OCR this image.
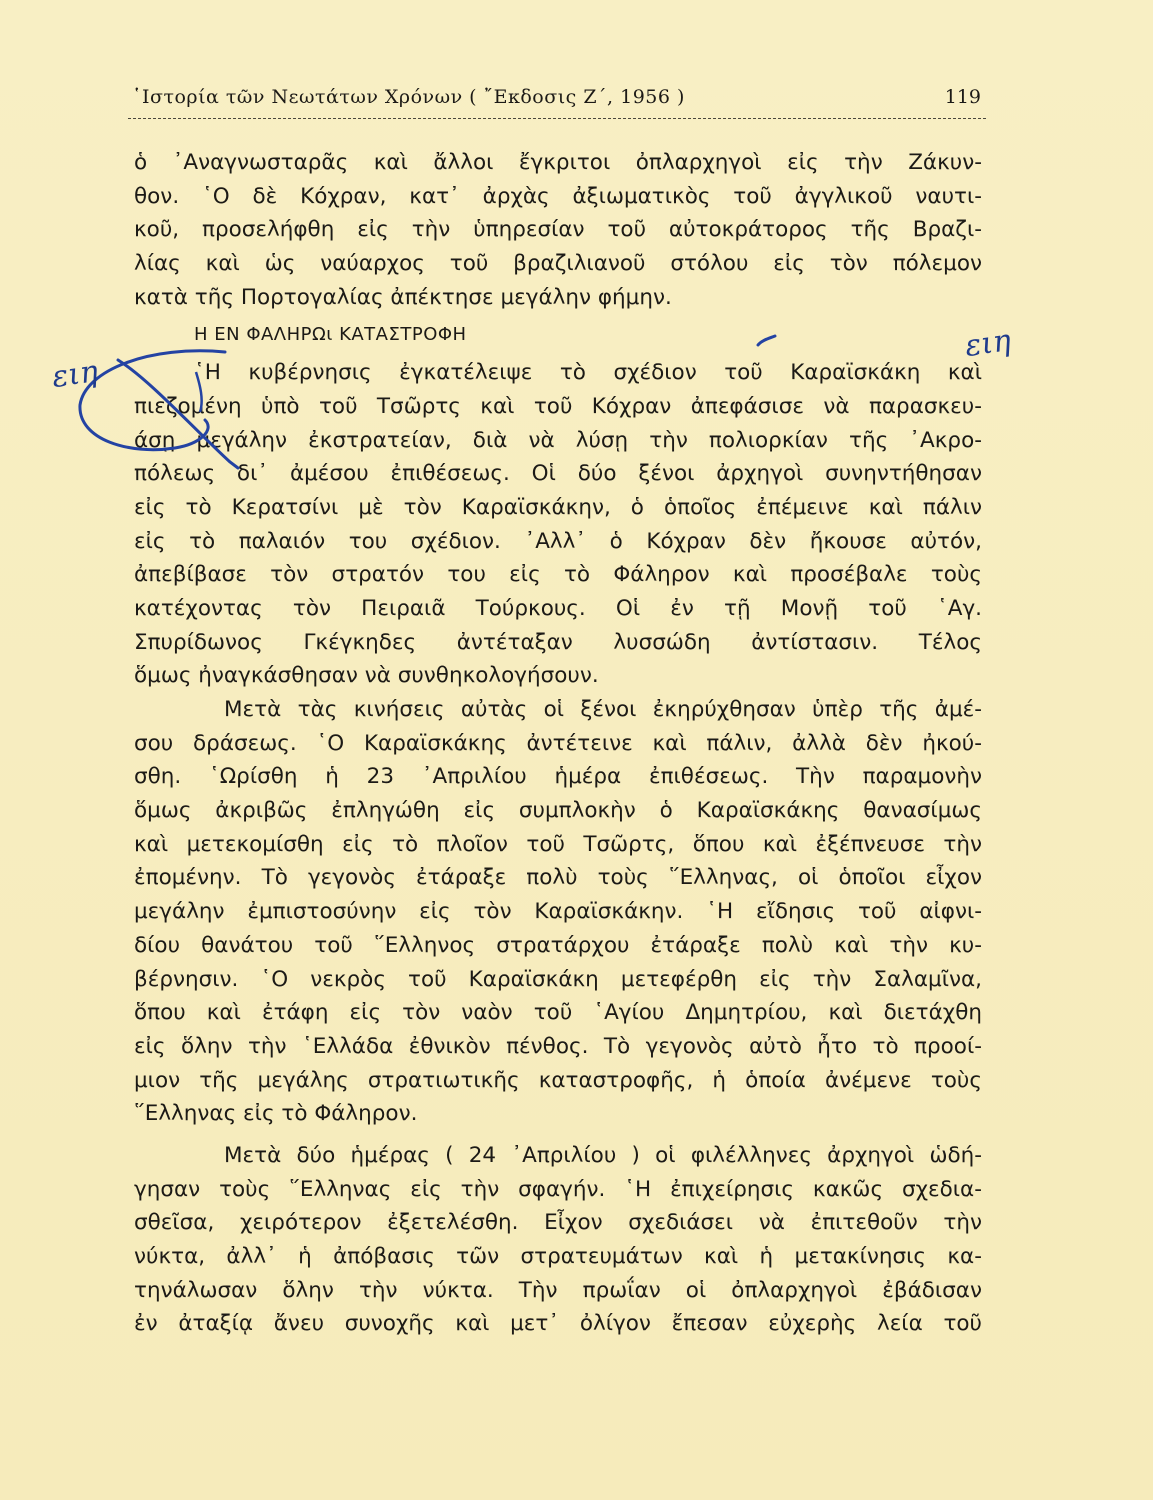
῾Ιστορία τῶν Νεωτάτων Χρόνων ( ῎Εκδοσις Ζ΄, 1956 )	119
ὁ ᾿Αναγνωσταρᾶς καὶ ἄλλοι ἔγκριτοι ὀπλαρχηγοὶ εἰς τὴν Ζάκυν-
θον. ῾Ο δὲ Κόχραν, κατ᾿ ἀρχὰς ἀξιωματικὸς τοῦ ἀγγλικοῦ ναυτι-
κοῦ, προσελήφθη εἰς τὴν ὑπηρεσίαν τοῦ αὐτοκράτορος τῆς Βραζι-
λίας καὶ ὡς ναύαρχος τοῦ βραζιλιανοῦ στόλου εἰς τὸν πόλεμον
κατὰ τῆς Πορτογαλίας ἀπέκτησε μεγάλην φήμην.
Η ΕΝ ΦΑΛΗΡΩι ΚΑΤΑΣΤΡΟΦΗ
῾Η κυβέρνησις ἐγκατέλειψε τὸ σχέδιον τοῦ Καραϊσκάκη καὶ
πιεζομένη ὑπὸ τοῦ Τσῶρτς καὶ τοῦ Κόχραν ἀπεφάσισε νὰ παρασκευ-
άσῃ μεγάλην ἐκστρατείαν, διὰ νὰ λύσῃ τὴν πολιορκίαν τῆς ᾿Ακρο-
πόλεως δι᾿ ἀμέσου ἐπιθέσεως. Οἱ δύο ξένοι ἀρχηγοὶ συνηντήθησαν
εἰς τὸ Κερατσίνι μὲ τὸν Καραϊσκάκην, ὁ ὁποῖος ἐπέμεινε καὶ πάλιν
εἰς τὸ παλαιόν του σχέδιον. ᾿Αλλ᾿ ὁ Κόχραν δὲν ἤκουσε αὐτόν,
ἀπεβίβασε τὸν στρατόν του εἰς τὸ Φάληρον καὶ προσέβαλε τοὺς
κατέχοντας τὸν Πειραιᾶ Τούρκους. Οἱ ἐν τῇ Μονῇ τοῦ ῾Αγ.
Σπυρίδωνος Γκέγκηδες ἀντέταξαν λυσσώδη ἀντίστασιν. Τέλος
ὅμως ἠναγκάσθησαν νὰ συνθηκολογήσουν.
Μετὰ τὰς κινήσεις αὐτὰς οἱ ξένοι ἐκηρύχθησαν ὑπὲρ τῆς ἀμέ-
σου δράσεως. ῾Ο Καραϊσκάκης ἀντέτεινε καὶ πάλιν, ἀλλὰ δὲν ἠκού-
σθη. ῾Ωρίσθη ἡ 23 ᾿Απριλίου ἡμέρα ἐπιθέσεως. Τὴν παραμονὴν
ὅμως ἀκριβῶς ἐπληγώθη εἰς συμπλοκὴν ὁ Καραϊσκάκης θανασίμως
καὶ μετεκομίσθη εἰς τὸ πλοῖον τοῦ Τσῶρτς, ὅπου καὶ ἐξέπνευσε τὴν
ἐπομένην. Τὸ γεγονὸς ἐτάραξε πολὺ τοὺς ῞Ελληνας, οἱ ὁποῖοι εἶχον
μεγάλην ἐμπιστοσύνην εἰς τὸν Καραϊσκάκην. ῾Η εἴδησις τοῦ αἰφνι-
δίου θανάτου τοῦ ῞Ελληνος στρατάρχου ἐτάραξε πολὺ καὶ τὴν κυ-
βέρνησιν. ῾Ο νεκρὸς τοῦ Καραϊσκάκη μετεφέρθη εἰς τὴν Σαλαμῖνα,
ὅπου καὶ ἐτάφη εἰς τὸν ναὸν τοῦ ῾Αγίου Δημητρίου, καὶ διετάχθη
εἰς ὅλην τὴν ῾Ελλάδα ἐθνικὸν πένθος. Τὸ γεγονὸς αὐτὸ ἦτο τὸ προοί-
μιον τῆς μεγάλης στρατιωτικῆς καταστροφῆς, ἡ ὁποία ἀνέμενε τοὺς
῞Ελληνας εἰς τὸ Φάληρον.
Μετὰ δύο ἡμέρας ( 24 ᾿Απριλίου ) οἱ φιλέλληνες ἀρχηγοὶ ὡδή-
γησαν τοὺς ῞Ελληνας εἰς τὴν σφαγήν. ῾Η ἐπιχείρησις κακῶς σχεδια-
σθεῖσα, χειρότερον ἐξετελέσθη. Εἶχον σχεδιάσει νὰ ἐπιτεθοῦν τὴν
νύκτα, ἀλλ᾿ ἡ ἀπόβασις τῶν στρατευμάτων καὶ ἡ μετακίνησις κα-
τηνάλωσαν ὅλην τὴν νύκτα. Τὴν πρωΐαν οἱ ὀπλαρχηγοὶ ἐβάδισαν
ἐν ἀταξίᾳ ἄνευ συνοχῆς καὶ μετ᾿ ὀλίγον ἔπεσαν εὐχερὴς λεία τοῦ
ειη
ειη
